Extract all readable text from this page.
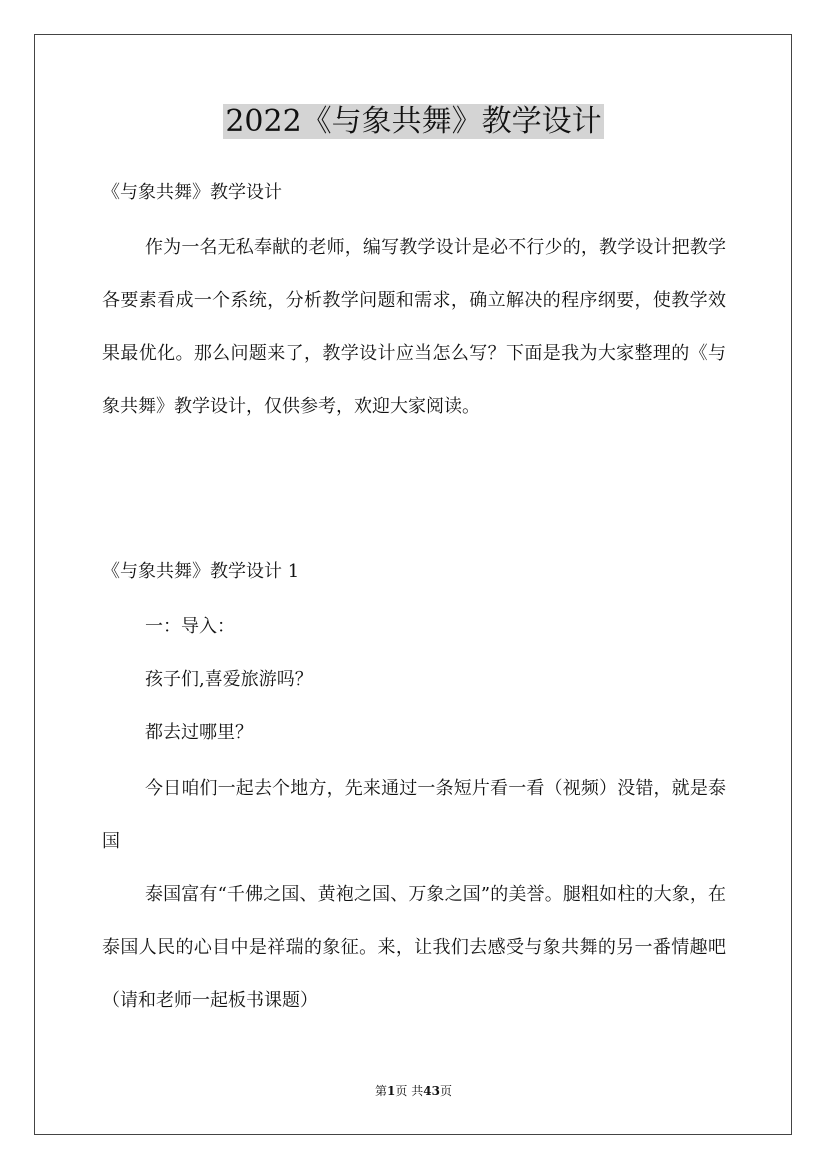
2022《与象共舞》教学设计
《与象共舞》教学设计

作为一名无私奉献的老师，编写教学设计是必不行少的，教学设计把教学各要素看成一个系统，分析教学问题和需求，确立解决的程序纲要，使教学效果最优化。那么问题来了，教学设计应当怎么写？下面是我为大家整理的《与象共舞》教学设计，仅供参考，欢迎大家阅读。

《与象共舞》教学设计 1
一：导入：
孩子们,喜爱旅游吗？
都去过哪里？

今日咱们一起去个地方，先来通过一条短片看一看（视频）没错，就是泰国

泰国富有“千佛之国、黄袍之国、万象之国”的美誉。腿粗如柱的大象，在泰国人民的心目中是祥瑞的象征。来，让我们去感受与象共舞的另一番情趣吧（请和老师一起板书课题）

第1页 共43页
